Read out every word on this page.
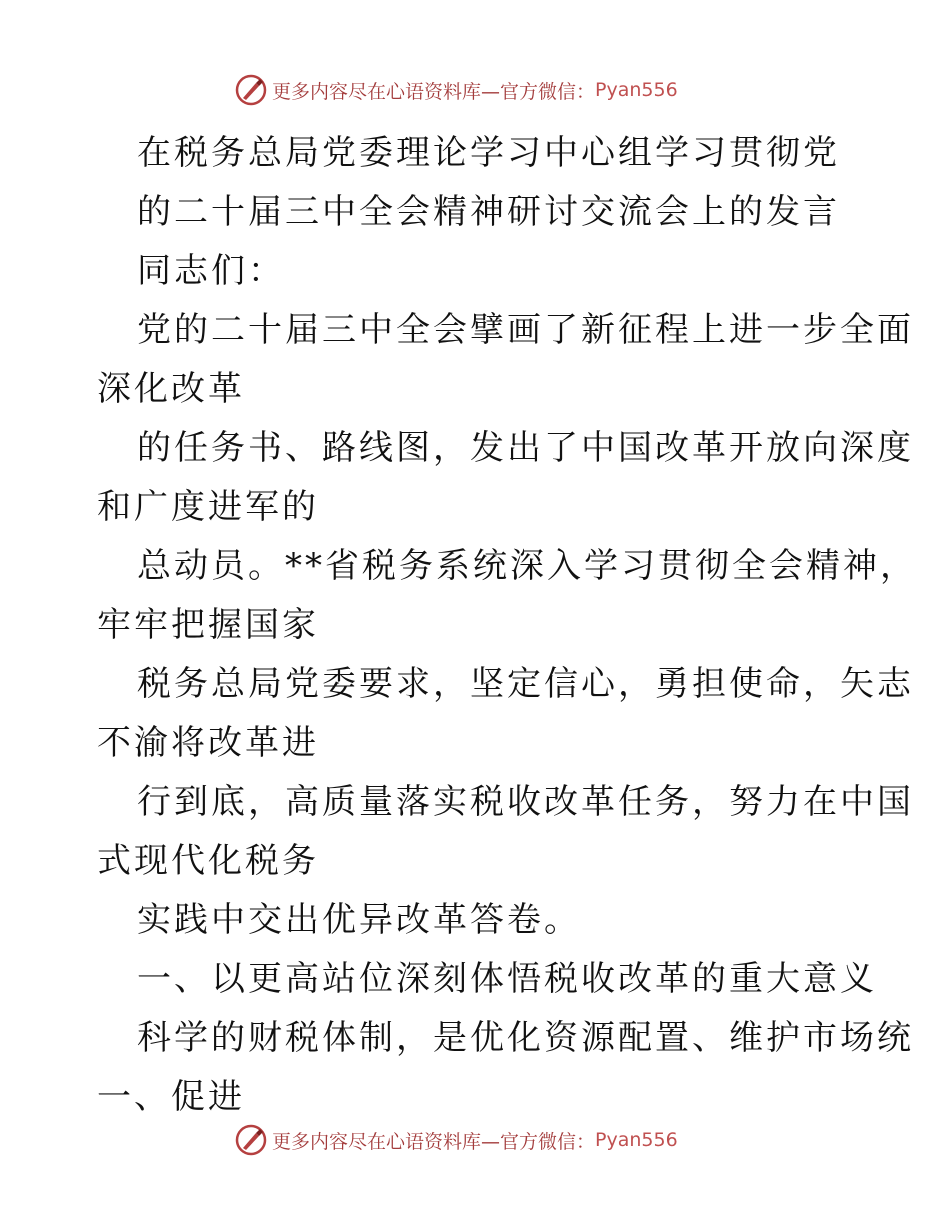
更多内容尽在心语资料库—官方微信： Pyan556
在税务总局党委理论学习中心组学习贯彻党
的二十届三中全会精神研讨交流会上的发言
同志们：
党的二十届三中全会擘画了新征程上进一步全面
深化改革
的任务书、路线图，发出了中国改革开放向深度
和广度进军的
总动员。**省税务系统深入学习贯彻全会精神，
牢牢把握国家
税务总局党委要求，坚定信心，勇担使命，矢志
不渝将改革进
行到底，高质量落实税收改革任务，努力在中国
式现代化税务
实践中交出优异改革答卷。
一、以更高站位深刻体悟税收改革的重大意义
科学的财税体制，是优化资源配置、维护市场统
一、促进
更多内容尽在心语资料库—官方微信： Pyan556
